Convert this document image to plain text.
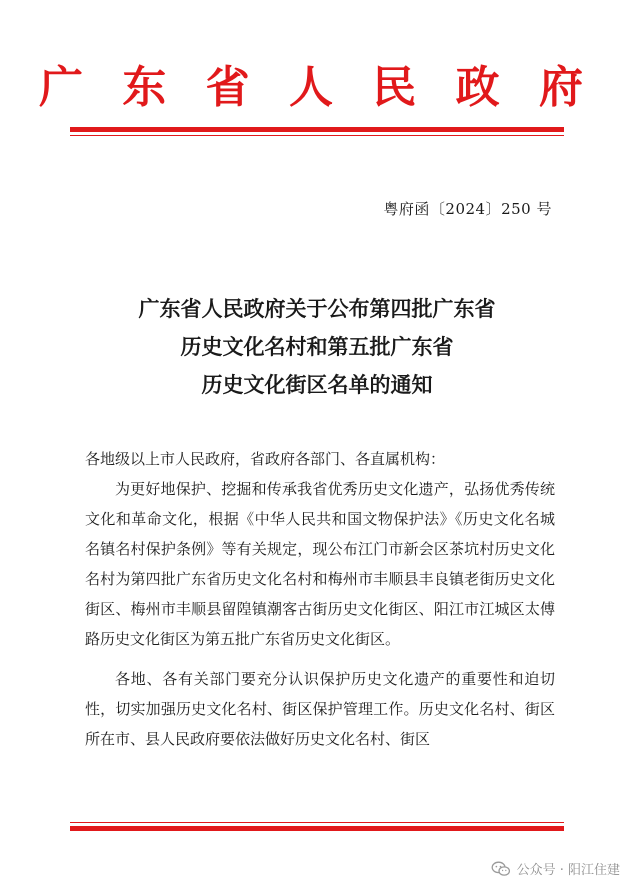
广 东 省 人 民 政 府
粤府函〔2024〕250 号
广东省人民政府关于公布第四批广东省
历史文化名村和第五批广东省
历史文化街区名单的通知

各地级以上市人民政府，省政府各部门、各直属机构：

为更好地保护、挖掘和传承我省优秀历史文化遗产，弘扬优秀传统文化和革命文化，根据《中华人民共和国文物保护法》《历史文化名城名镇名村保护条例》等有关规定，现公布江门市新会区茶坑村历史文化名村为第四批广东省历史文化名村和梅州市丰顺县丰良镇老街历史文化街区、梅州市丰顺县留隍镇潮客古街历史文化街区、阳江市江城区太傅路历史文化街区为第五批广东省历史文化街区。

各地、各有关部门要充分认识保护历史文化遗产的重要性和迫切性，切实加强历史文化名村、街区保护管理工作。历史文化名村、街区所在市、县人民政府要依法做好历史文化名村、街区

公众号 · 阳江住建
